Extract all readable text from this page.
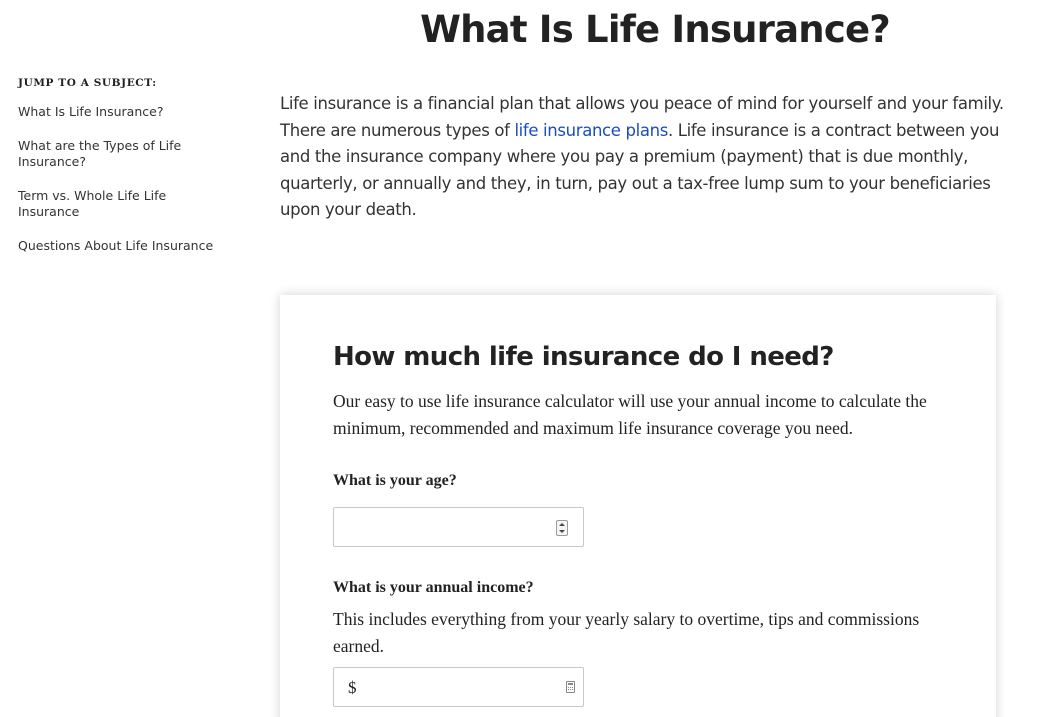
What Is Life Insurance?
JUMP TO A SUBJECT:
What Is Life Insurance?
What are the Types of Life Insurance?
Term vs. Whole Life Life Insurance
Questions About Life Insurance

Life insurance is a financial plan that allows you peace of mind for yourself and your family. There are numerous types of life insurance plans. Life insurance is a contract between you and the insurance company where you pay a premium (payment) that is due monthly, quarterly, or annually and they, in turn, pay out a tax-free lump sum to your beneficiaries upon your death.

How much life insurance do I need?

Our easy to use life insurance calculator will use your annual income to calculate the minimum, recommended and maximum life insurance coverage you need.

What is your age?
What is your annual income?

This includes everything from your yearly salary to overtime, tips and commissions earned.

$
